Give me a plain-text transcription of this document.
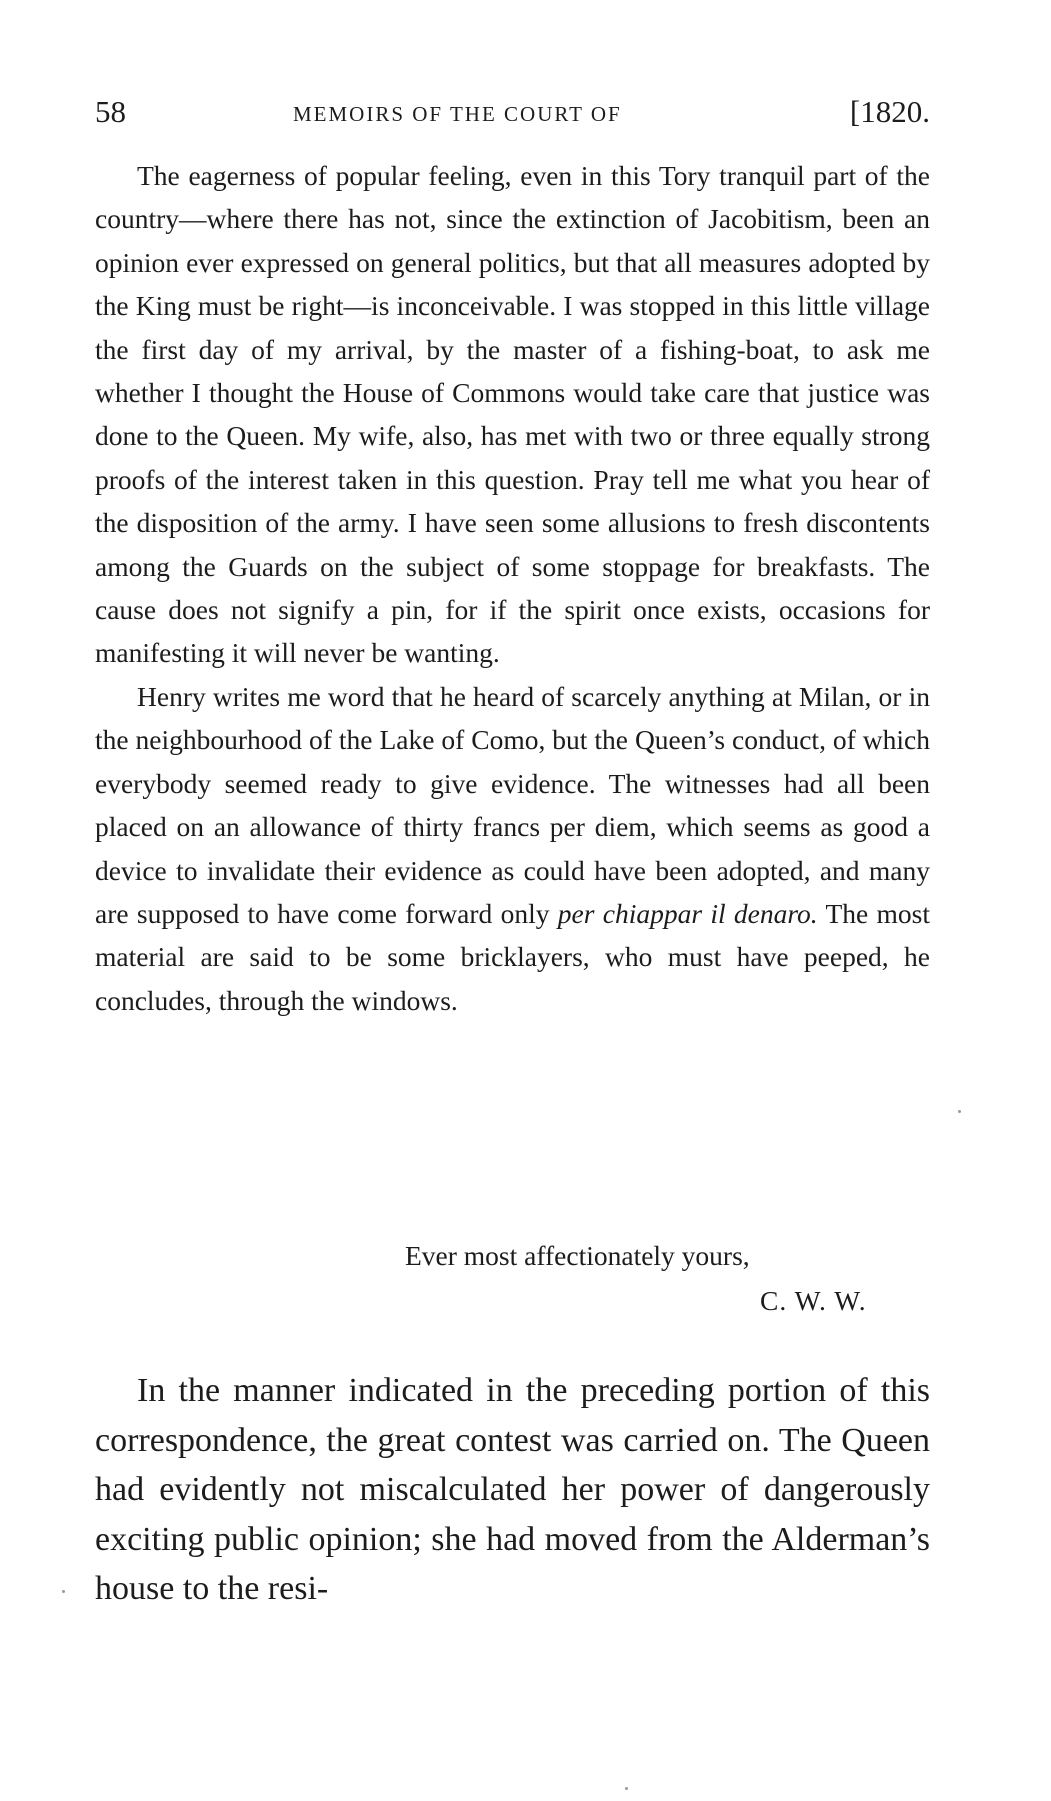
58	MEMOIRS OF THE COURT OF	[1820.

The eagerness of popular feeling, even in this Tory tranquil part of the country—where there has not, since the extinction of Jacobitism, been an opinion ever expressed on general politics, but that all measures adopted by the King must be right—is inconceivable. I was stopped in this little village the first day of my arrival, by the master of a fishing-boat, to ask me whether I thought the House of Commons would take care that justice was done to the Queen. My wife, also, has met with two or three equally strong proofs of the interest taken in this question. Pray tell me what you hear of the disposition of the army. I have seen some allusions to fresh discontents among the Guards on the subject of some stoppage for breakfasts. The cause does not signify a pin, for if the spirit once exists, occasions for manifesting it will never be wanting.

Henry writes me word that he heard of scarcely anything at Milan, or in the neighbourhood of the Lake of Como, but the Queen’s conduct, of which everybody seemed ready to give evidence. The witnesses had all been placed on an allowance of thirty francs per diem, which seems as good a device to invalidate their evidence as could have been adopted, and many are supposed to have come forward only per chiappar il denaro. The most material are said to be some bricklayers, who must have peeped, he concludes, through the windows.

Ever most affectionately yours,
C. W. W.

In the manner indicated in the preceding portion of this correspondence, the great contest was carried on. The Queen had evidently not miscalculated her power of dangerously exciting public opinion; she had moved from the Alderman’s house to the resi-
